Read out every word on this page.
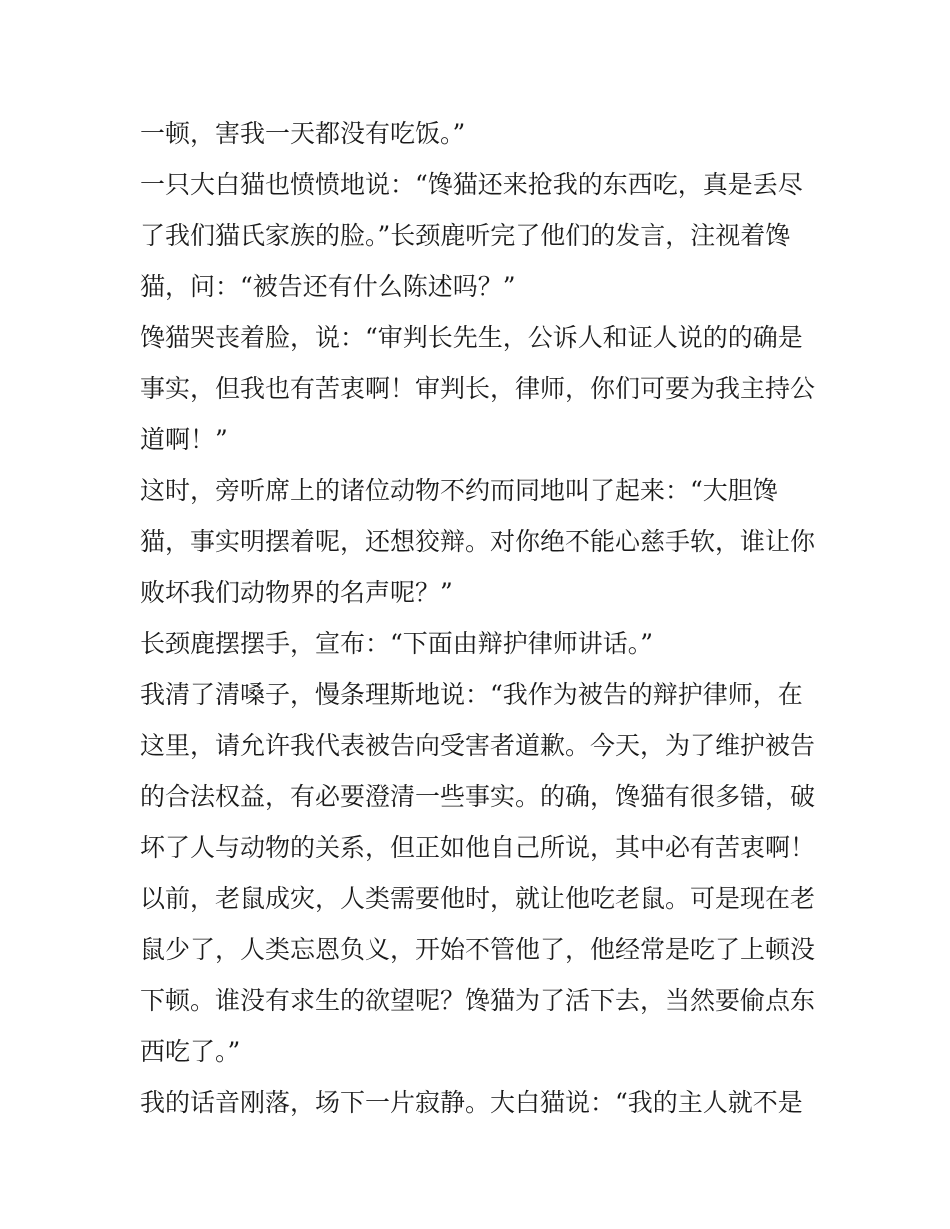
一顿，害我一天都没有吃饭。”
一只大白猫也愤愤地说：“馋猫还来抢我的东西吃，真是丢尽
了我们猫氏家族的脸。”长颈鹿听完了他们的发言，注视着馋
猫，问：“被告还有什么陈述吗？”
馋猫哭丧着脸，说：“审判长先生，公诉人和证人说的的确是
事实，但我也有苦衷啊！审判长，律师，你们可要为我主持公
道啊！”
这时，旁听席上的诸位动物不约而同地叫了起来：“大胆馋
猫，事实明摆着呢，还想狡辩。对你绝不能心慈手软，谁让你
败坏我们动物界的名声呢？”
长颈鹿摆摆手，宣布：“下面由辩护律师讲话。”
我清了清嗓子，慢条理斯地说：“我作为被告的辩护律师，在
这里，请允许我代表被告向受害者道歉。今天，为了维护被告
的合法权益，有必要澄清一些事实。的确，馋猫有很多错，破
坏了人与动物的关系，但正如他自己所说，其中必有苦衷啊！
以前，老鼠成灾，人类需要他时，就让他吃老鼠。可是现在老
鼠少了，人类忘恩负义，开始不管他了，他经常是吃了上顿没
下顿。谁没有求生的欲望呢？馋猫为了活下去，当然要偷点东
西吃了。”
我的话音刚落，场下一片寂静。大白猫说：“我的主人就不是
